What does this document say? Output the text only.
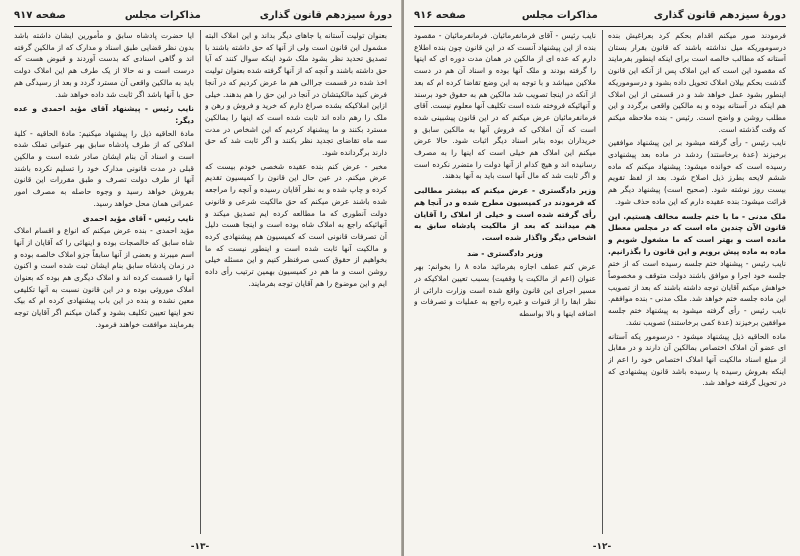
دورهٔ سیزدهم قانون گذاری
مذاکرات مجلس
صفحه ۹۱۷

بعنوان تولیت آستانه یا جاهای دیگر بداند و این املاک البته مشمول این قانون است ولی از آنها که حق داشته باشند با تصدیق تحدید نظر بشود ملک شود اینکه سوال کنند که آیا حق داشته باشند و آنچه که از آنها گرفته شده بعنوان تولیت اخذ شده در قسمت جراالی هم ما عرض کردیم که در آنجا فرض کنید مالکیتشان در آنجا در این حق را هم بدهند. خیلی ازاین املاکیکه بشده صراغ دارم که خرید و فروش و رهن و ملک را رهم داده اند ثابت شده است که اینها را بمالکین مسترد بکنند و ما پیشنهاد کردیم که این اشخاص در مدت سه ماه تقاضای تجدید نظر بکنند و اگر ثابت شد که حق دارند برگردانده شود.

مخبر - عرض کنم بنده عقیده شخصی خودم بیست که عرض میکنم. در عین حال این قانون را کمیسیون تقدیم کرده و چاپ شده و به نظر آقایان رسیده و آنچه را مراجعه شده باشند عرض میکنم که حق مالکیت شرعی و قانونی دولت آنطوری که ما مطالعه کرده ایم تصدیق میکند و آنهائیکه راجع به املاک شاه بوده است و اینجا هست دلیل آن تصرفات قانونی است که کمیسیون هم پیشنهادی کرده و مالکیت آنها ثابت شده است و اینطور نیست که ما بخواهیم از حقوق کسی صرفنظر کنیم و این مسئله خیلی روشن است و ما هم در کمیسیون بهمین ترتیب رأی داده ایم و این موضوع را هم آقایان توجه بفرمایند.

ایا حضرت پادشاه سابق و مأمورین ایشان داشته باشد بدون نظر قضایی طبق اسناد و مدارک که از مالکین گرفته اند و گاهی اسنادی که بدست آوردند و قبوض هست که درست است و نه حالا از یک طرف هم این املاک دولت باید به مالکین واقعی آن مسترد گردد و بعد از رسیدگی هم حق با آنها باشد اگر ثابت شد داده خواهد شد.

نایب رئیس - پیشنهاد آقای مؤید احمدی و عده دیگر:

مادهٔ الحاقیه ذیل را پیشنهاد میکنیم: مادهٔ الحاقیه - کلیهٔ املاکی که از طرف پادشاه سابق بهر عنوانی تملک شده است و اسناد آن بنام ایشان صادر شده است و مالکین قبلی در مدت قانونی مدارک خود را تسلیم نکرده باشند آنها از طرف دولت تصرف و طبق مقررات این قانون بفروش خواهد رسید و وجوه حاصله به مصرف امور عمرانی همان محل خواهد رسید.

نایب رئیس - آقای مؤید احمدی

مؤید احمدی - بنده عرض میکنم که انواع و اقسام املاک شاه سابق که خالصجات بوده و اینهائی را که آقایان از آنها اسم میبرند و بعضی از آنها سابقاً جزو املاک خالصه بوده و در زمان پادشاه سابق بنام ایشان ثبت شده است و اکنون آنها را قسمت کرده اند و املاک دیگری هم بوده که بعنوان املاک موروثی بوده و در این قانون نسبت به آنها تکلیفی معین نشده و بنده در این باب پیشنهادی کرده ام که بیک نحو اینها تعیین تکلیف بشود و گمان میکنم اگر آقایان توجه بفرمایند موافقت خواهند فرمود.

-۱۳-
دورهٔ سیزدهم قانون گذاری
مذاکرات مجلس
صفحه ۹۱۶

فرمودند صور میکنم اقدام بحکم کرد بعراغیش بنده درسوموریکه میل نداشته باشند که قانون بقرار بستان آستانه که مطالب خالصه است برای اینکه اینطور بفرمایند که مقصود این است که این املاک پس از آنکه این قانون گذشت بحکم بیلان املاک تحویل داده بشود و درسوموریکه اینطور بشود عمل خواهد شد و در قسمتی از این املاک هم اینکه در آستانه بوده و به مالکین واقعی برگردد و این مطلب روشن و واضح است. رئیس - بنده ملاحظه میکنم که وقت گذشته است.

نایب رئیس - رأی گرفته میشود بر این پیشنهاد موافقین برخیزند (عدهٔ برخاستند) ردشد در ماده بعد پیشنهادی رسیده است که خوانده میشود: پیشنهاد میکنم که ماده ششم لایحه بطرز ذیل اصلاح شود. بعد از لفظ تقویم بیست روز نوشته شود. (صحیح است) پیشنهاد دیگر هم قرائت میشود: بنده عقیده دارم که این ماده حذف شود.

ملک مدنی - ما با ختم جلسه مخالف هستیم. این قانون الآن چندین ماه است که در مجلس معطل مانده است و بهتر است که ما مشغول شویم و ماده به ماده پیش برویم و این قانون را بگذرانیم.

نایب رئیس - پیشنهاد ختم جلسه رسیده است که از ختم جلسه خود اجرا و موافق باشند دولت متوقف و مخصوصاً خواهش میکنم آقایان توجه داشته باشند که بعد از تصویب این ماده جلسه ختم خواهد شد. ملک مدنی - بنده موافقم. نایب رئیس - رأی گرفته میشود به پیشنهاد ختم جلسه موافقین برخیزند (عدهٔ کمی برخاستند) تصویب نشد.

ماده الحاقیه ذیل پیشنهاد میشود - درسومور یکه آستانه ای عضو آن املاک اختصاص بمالکین آن دارند و در مقابل از مبلغ اسناد مالکیت آنها املاک اختصاص خود را اعم از اینکه بفروش رسیده یا رسیده باشد قانون پیشنهادی که در تحویل گرفته خواهد شد.

نایب رئیس - آقای فرمانفرمائیان. فرمانفرمائیان - مقصود بنده از این پیشنهاد آنست که در این قانون چون بنده اطلاع دارم که عده ای از مالکین در همان مدت دوره ای که اینها را گرفته بودند و ملک آنها بوده و اسناد آن هم در دست ملاکین میباشد و با توجه به این وضع تقاضا کرده ام که بعد از آنکه در اینجا تصویب شد مالکین هم به حقوق خود برسند و آنهائیکه فروخته شده است تکلیف آنها معلوم نیست. آقای فرمانفرمائیان عرض میکنم که در این قانون پیشبینی شده است که آن املاکی که فروش آنها به مالکین سابق و خریداران بوده بنابر اسناد دیگر اثبات شود. حالا عرض میکنم این املاک هم خیلی است که اینها را به مصرف رسانیده اند و هیچ کدام از آنها دولت را متضرر نکرده است و اگر ثابت شد که مال آنها است باید به آنها بدهند.

وزیر دادگستری - عرض میکنم که بیشتر مطالبی که فرمودند در کمیسیون مطرح شده و در آنجا هم رأی گرفته شده است و خیلی از املاک را آقایان هم میدانند که بعد از مالکیت پادشاه سابق به اشخاص دیگر واگذار شده است.

وزیر دادگستری - ضد

عرض کنم عطف اجازه بفرمائید ماده ۸ را بخوانم: بهر عنوان (اعم از مالکیت یا وقفیت) بسبب تعیین املاکیکه در مسیر اجرای این قانون واقع شده است وزارت دارائی از نظر ابقا را از قنوات و غیره راجع به عملیات و تصرفات و اضافه اینها و بالا بواسطه

-۱۲-
